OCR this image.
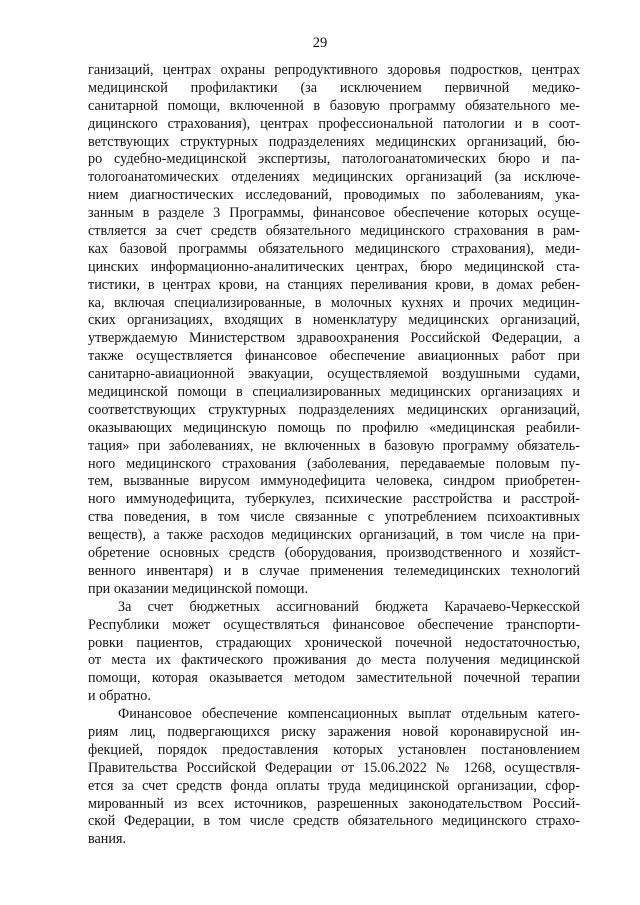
29
ганизаций, центрах охраны репродуктивного здоровья подростков, центрах
медицинской профилактики (за исключением первичной медико-
санитарной помощи, включенной в базовую программу обязательного ме-
дицинского страхования), центрах профессиональной патологии и в соот-
ветствующих структурных подразделениях медицинских организаций, бю-
ро судебно-медицинской экспертизы, патологоанатомических бюро и па-
тологоанатомических отделениях медицинских организаций (за исключе-
нием диагностических исследований, проводимых по заболеваниям, ука-
занным в разделе 3 Программы, финансовое обеспечение которых осуще-
ствляется за счет средств обязательного медицинского страхования в рам-
ках базовой программы обязательного медицинского страхования), меди-
цинских информационно-аналитических центрах, бюро медицинской ста-
тистики, в центрах крови, на станциях переливания крови, в домах ребен-
ка, включая специализированные, в молочных кухнях и прочих медицин-
ских организациях, входящих в номенклатуру медицинских организаций,
утверждаемую Министерством здравоохранения Российской Федерации, а
также осуществляется финансовое обеспечение авиационных работ при
санитарно-авиационной эвакуации, осуществляемой воздушными судами,
медицинской помощи в специализированных медицинских организациях и
соответствующих структурных подразделениях медицинских организаций,
оказывающих медицинскую помощь по профилю «медицинская реабили-
тация» при заболеваниях, не включенных в базовую программу обязатель-
ного медицинского страхования (заболевания, передаваемые половым пу-
тем, вызванные вирусом иммунодефицита человека, синдром приобретен-
ного иммунодефицита, туберкулез, психические расстройства и расстрой-
ства поведения, в том числе связанные с употреблением психоактивных
веществ), а также расходов медицинских организаций, в том числе на при-
обретение основных средств (оборудования, производственного и хозяйст-
венного инвентаря) и в случае применения телемедицинских технологий
при оказании медицинской помощи.
За счет бюджетных ассигнований бюджета Карачаево-Черкесской
Республики может осуществляться финансовое обеспечение транспорти-
ровки пациентов, страдающих хронической почечной недостаточностью,
от места их фактического проживания до места получения медицинской
помощи, которая оказывается методом заместительной почечной терапии
и обратно.
Финансовое обеспечение компенсационных выплат отдельным катего-
риям лиц, подвергающихся риску заражения новой коронавирусной ин-
фекцией, порядок предоставления которых установлен постановлением
Правительства Российской Федерации от 15.06.2022 № 1268, осуществля-
ется за счет средств фонда оплаты труда медицинской организации, сфор-
мированный из всех источников, разрешенных законодательством Россий-
ской Федерации, в том числе средств обязательного медицинского страхо-
вания.
